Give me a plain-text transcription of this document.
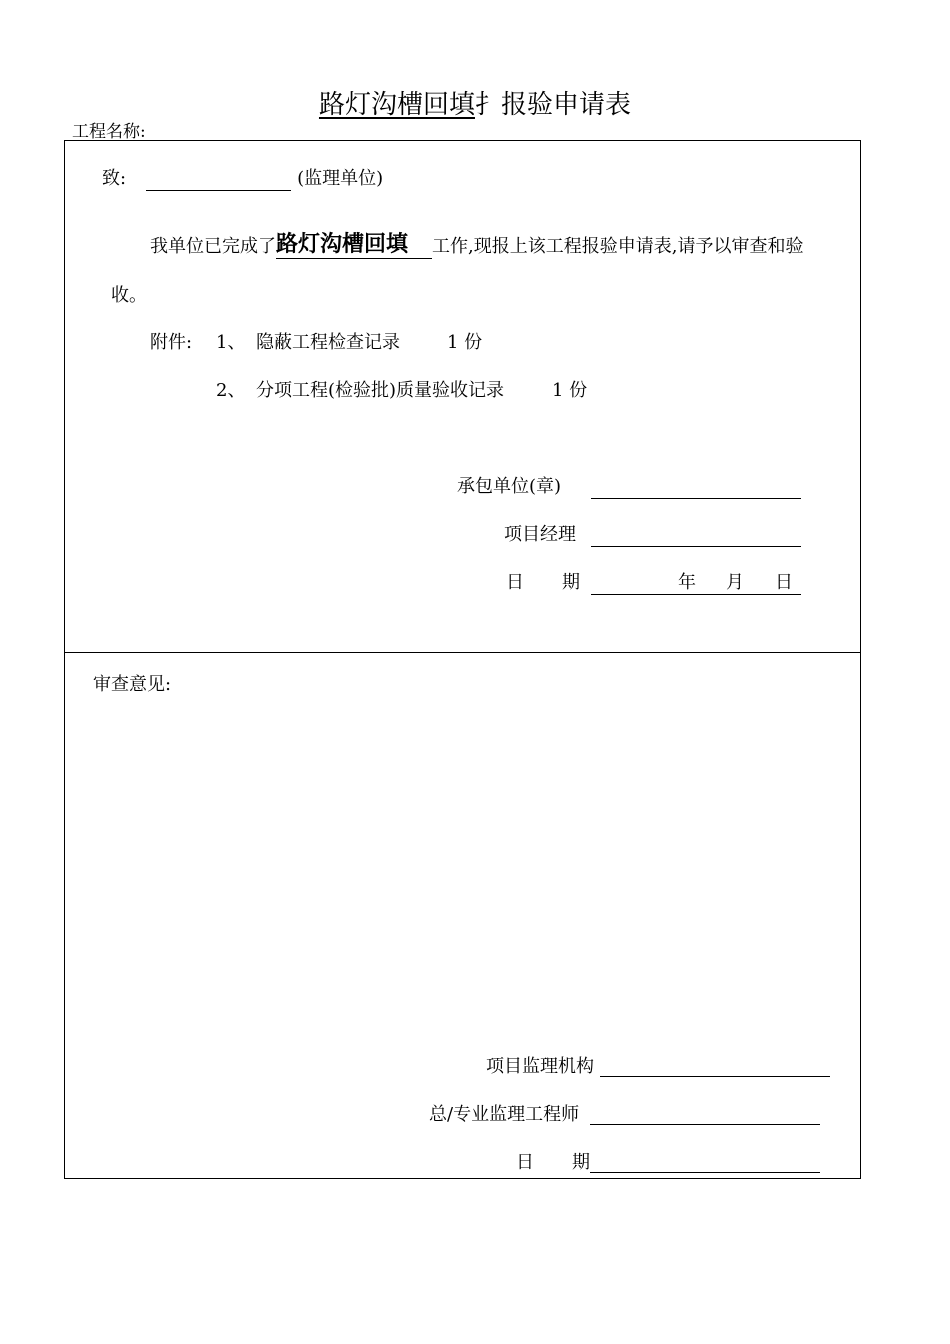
路灯沟槽回填扌报验申请表
工程名称:
致:	(监理单位)
我单位已完成了路灯沟槽回填 工作,现报上该工程报验申请表,请予以审查和验
收。
附件: 1、 隐蔽工程检查记录	1 份
2、 分项工程(检验批)质量验收记录	1 份
承包单位(章)
项目经理
日 期	年 月 日
审查意见:
项目监理机构
总/专业监理工程师
日 期
